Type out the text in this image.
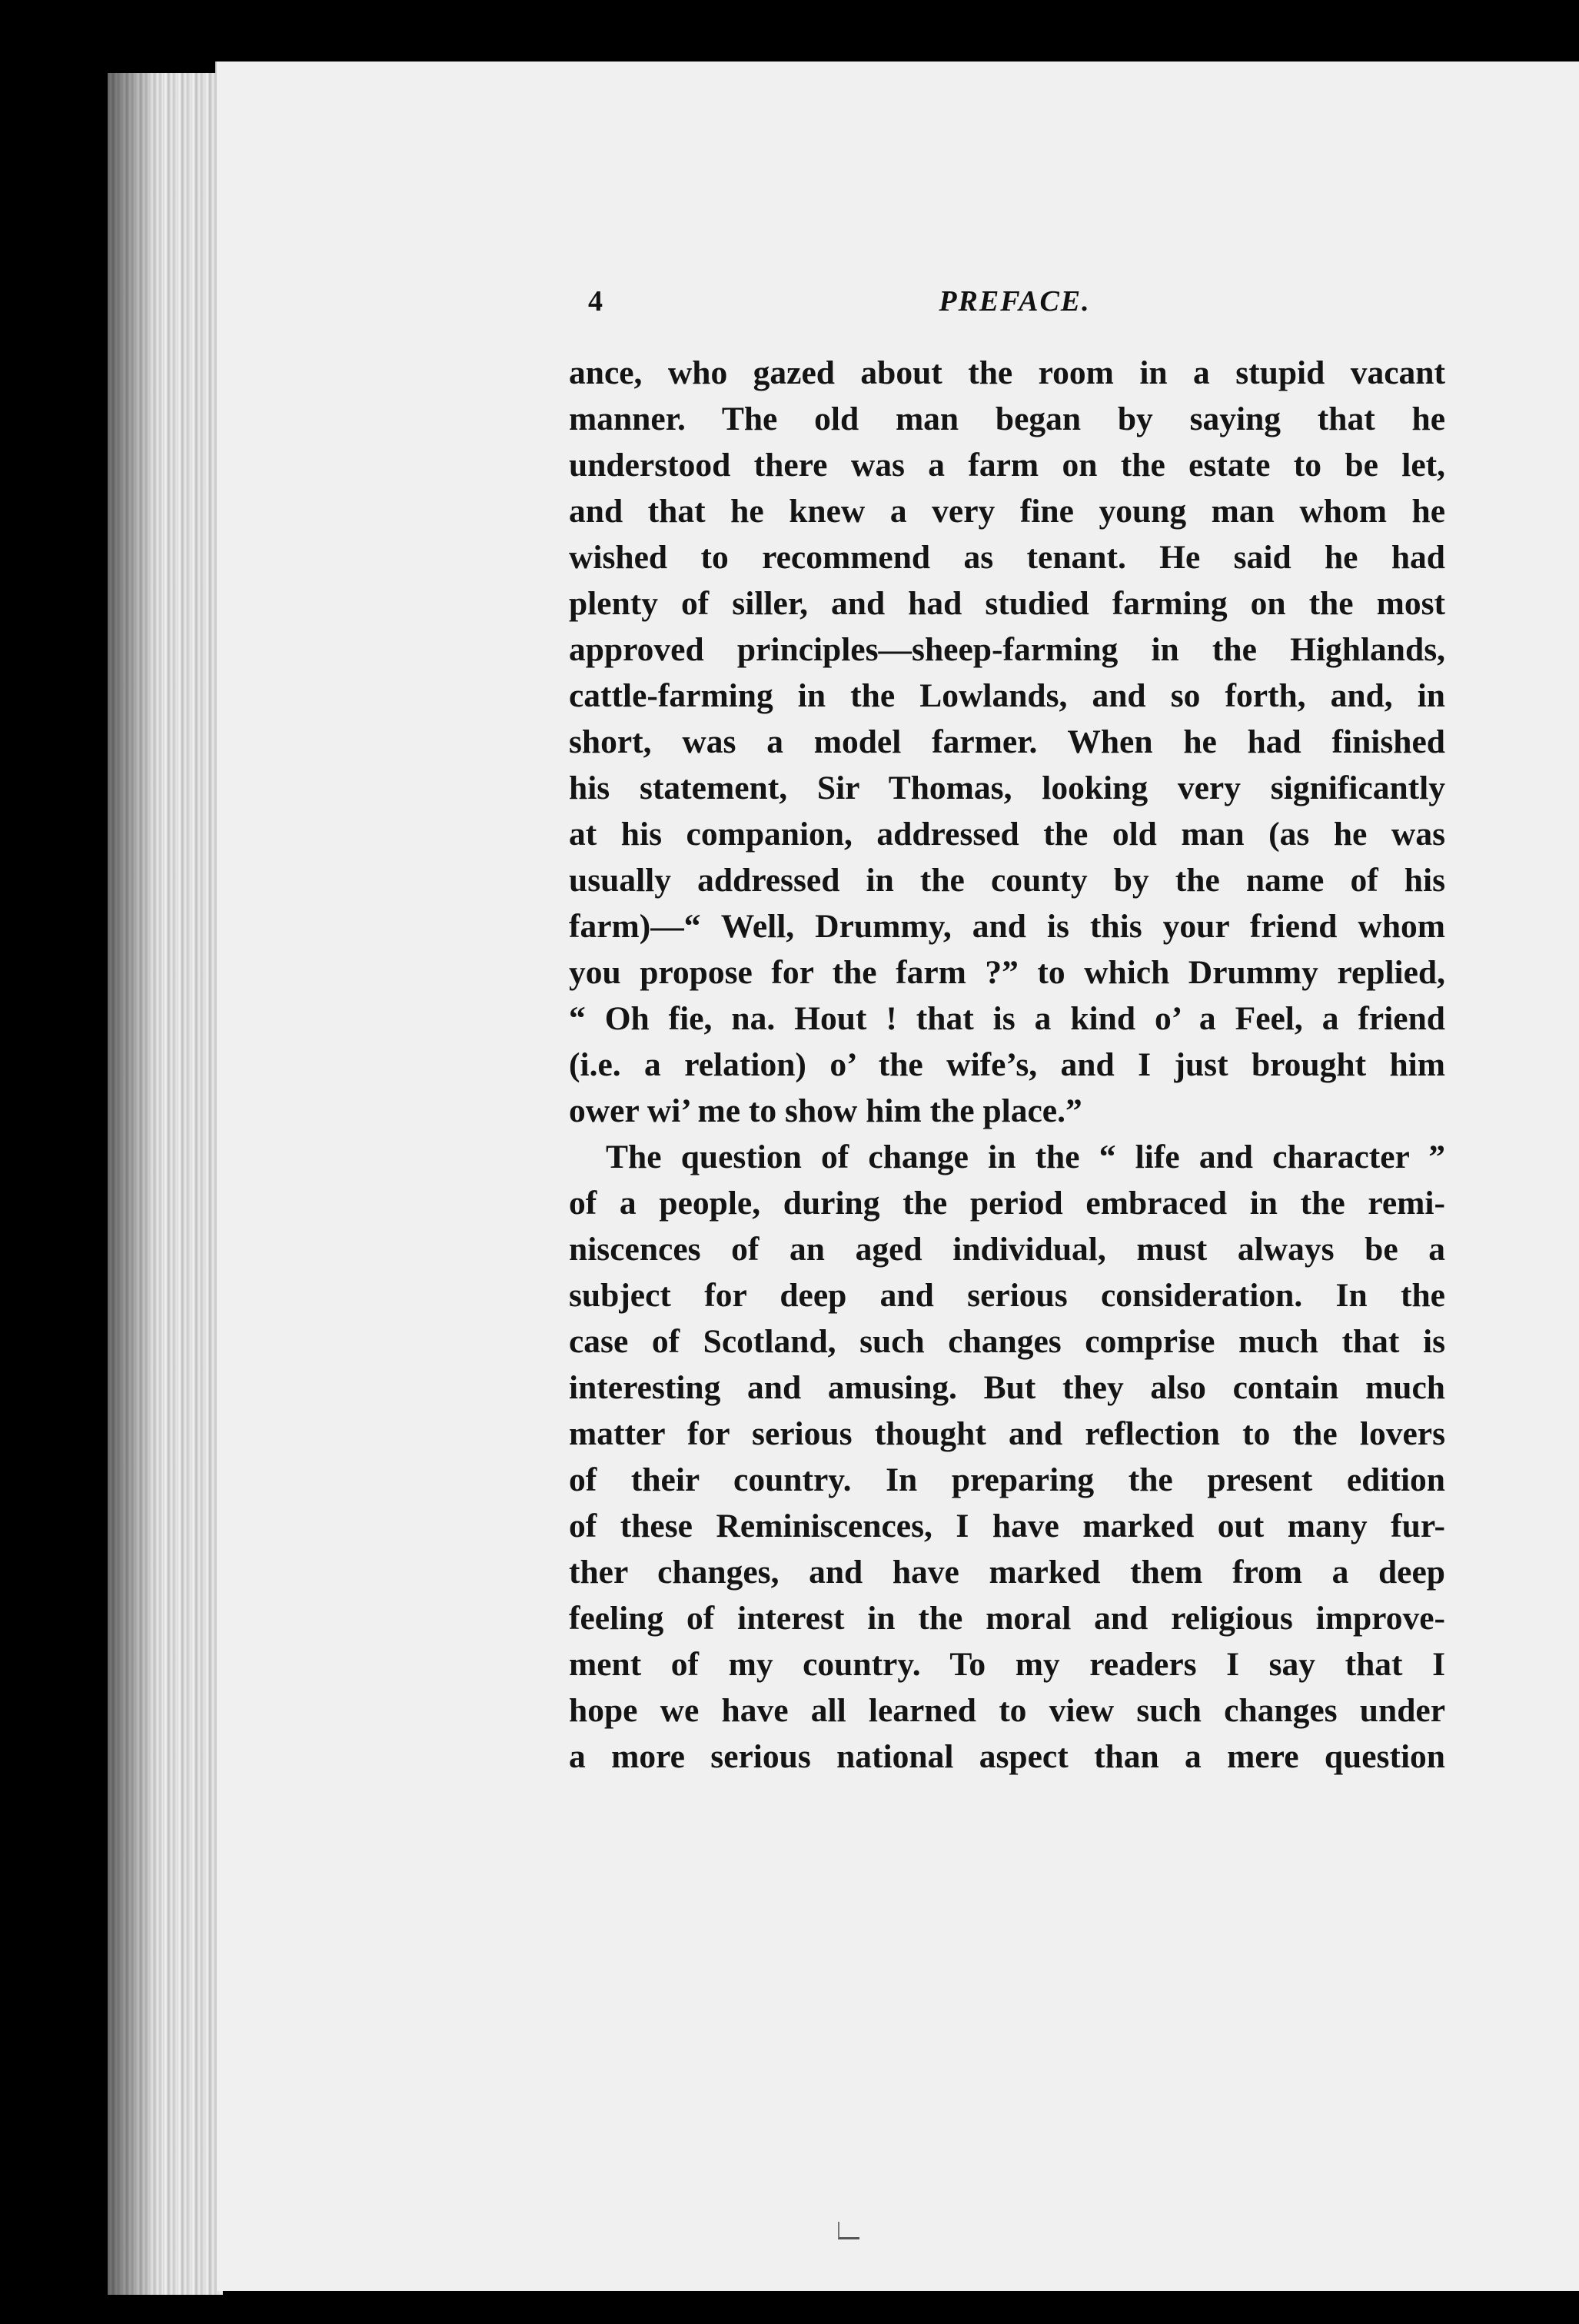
4	PREFACE.
ance, who gazed about the room in a stupid vacant
manner. The old man began by saying that he
understood there was a farm on the estate to be let,
and that he knew a very fine young man whom he
wished to recommend as tenant. He said he had
plenty of siller, and had studied farming on the most
approved principles—sheep-farming in the Highlands,
cattle-farming in the Lowlands, and so forth, and, in
short, was a model farmer. When he had finished
his statement, Sir Thomas, looking very significantly
at his companion, addressed the old man (as he was
usually addressed in the county by the name of his
farm)—“ Well, Drummy, and is this your friend whom
you propose for the farm ?” to which Drummy replied,
“ Oh fie, na. Hout ! that is a kind o’ a Feel, a friend
(i.e. a relation) o’ the wife’s, and I just brought him
ower wi’ me to show him the place.”
The question of change in the “ life and character ”
of a people, during the period embraced in the remi-
niscences of an aged individual, must always be a
subject for deep and serious consideration. In the
case of Scotland, such changes comprise much that is
interesting and amusing. But they also contain much
matter for serious thought and reflection to the lovers
of their country. In preparing the present edition
of these Reminiscences, I have marked out many fur-
ther changes, and have marked them from a deep
feeling of interest in the moral and religious improve-
ment of my country. To my readers I say that I
hope we have all learned to view such changes under
a more serious national aspect than a mere question
